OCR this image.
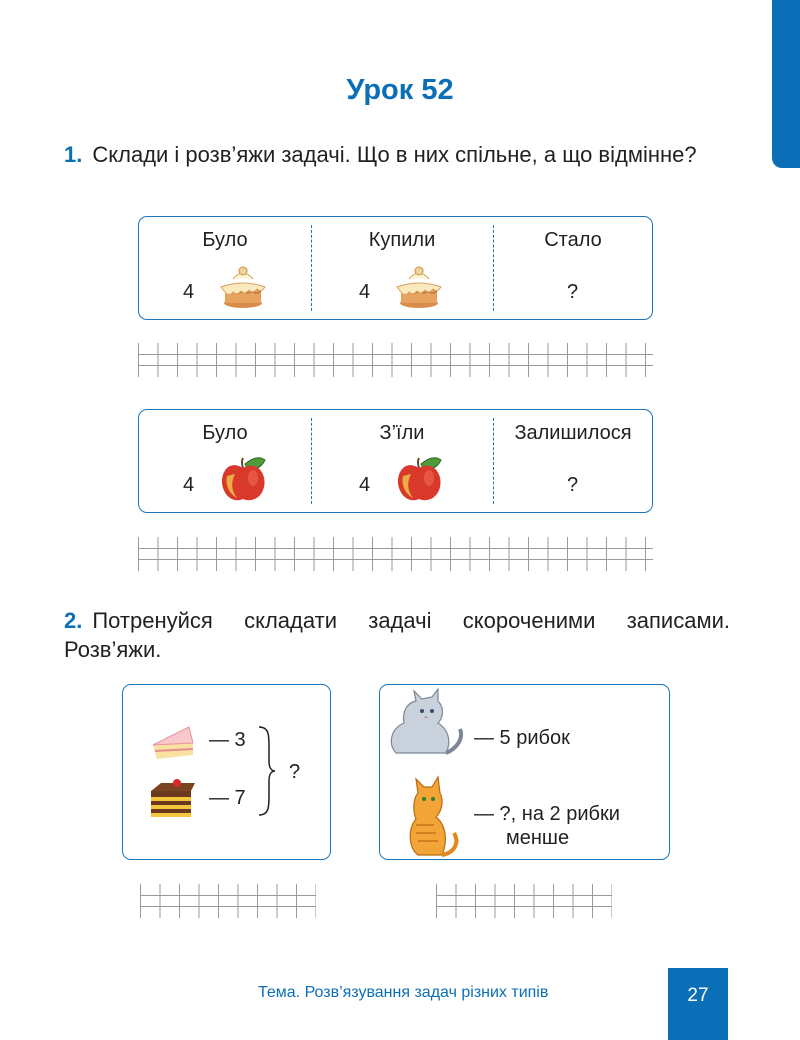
Урок 52
1. Склади і розв’яжи задачі. Що в них спільне, а що відмінне?
Було
4
Купили
4
Стало
?
Було
4
З’їли
4
Залишилося
?
2. Потренуйся складати задачі скороченими записами. Розв’яжи.
— 3
— 7
?
— 5 рибок
— ?, на 2 рибки
менше
Тема. Розв’язування задач різних типів	27
